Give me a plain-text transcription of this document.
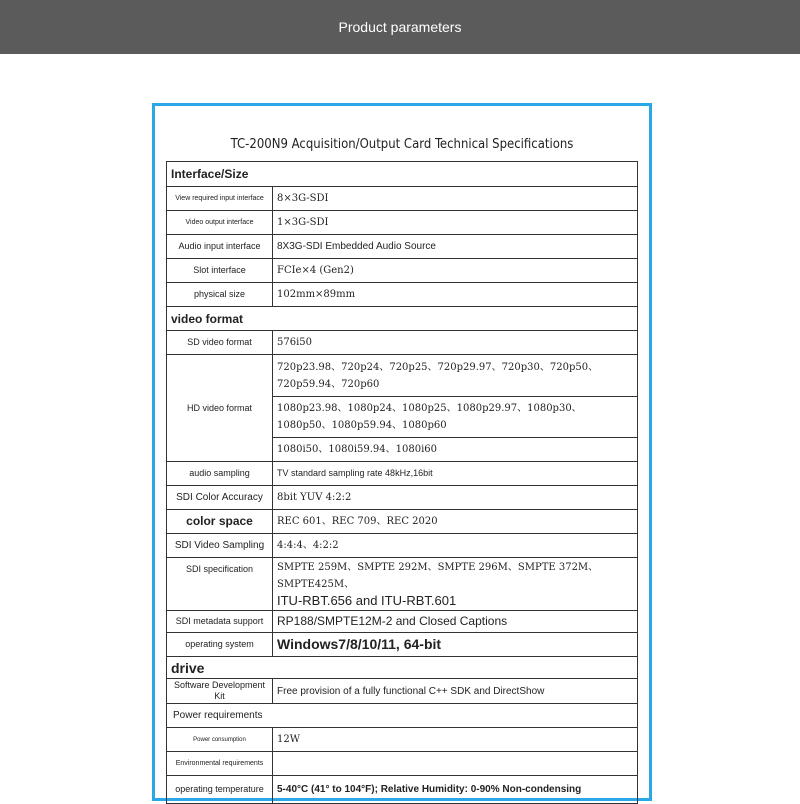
Product parameters
TC-200N9 Acquisition/Output Card Technical Specifications
Interface/Size	
View required input interface	8×3G-SDI
Video output interface	1×3G-SDI
Audio input interface	8X3G-SDI Embedded Audio Source
Slot interface	FCIe×4 (Gen2)
physical size	102mm×89mm
video format	
SD video format	576i50
HD video format	720p23.98、720p24、720p25、720p29.97、720p30、720p50、720p59.94、720p60
	1080p23.98、1080p24、1080p25、1080p29.97、1080p30、1080p50、1080p59.94、1080p60
	1080i50、1080i59.94、1080i60
audio sampling	TV standard sampling rate 48kHz,16bit
SDI Color Accuracy	8bit YUV 4:2:2
color space	REC 601、REC 709、REC 2020
SDI Video Sampling	4:4:4、4:2:2
SDI specification	SMPTE 259M、SMPTE 292M、SMPTE 296M、SMPTE 372M、SMPTE425M、
ITU-RBT.656 and ITU-RBT.601

SDI metadata support	RP188/SMPTE12M-2 and Closed Captions
operating system	Windows7/8/10/11, 64-bit
drive	
Software Development Kit	Free provision of a fully functional C++ SDK and DirectShow
Power requirements	
Power consumption	12W
Environmental requirements	
operating temperature	5-40°C (41° to 104°F); Relative Humidity: 0-90% Non-condensing
